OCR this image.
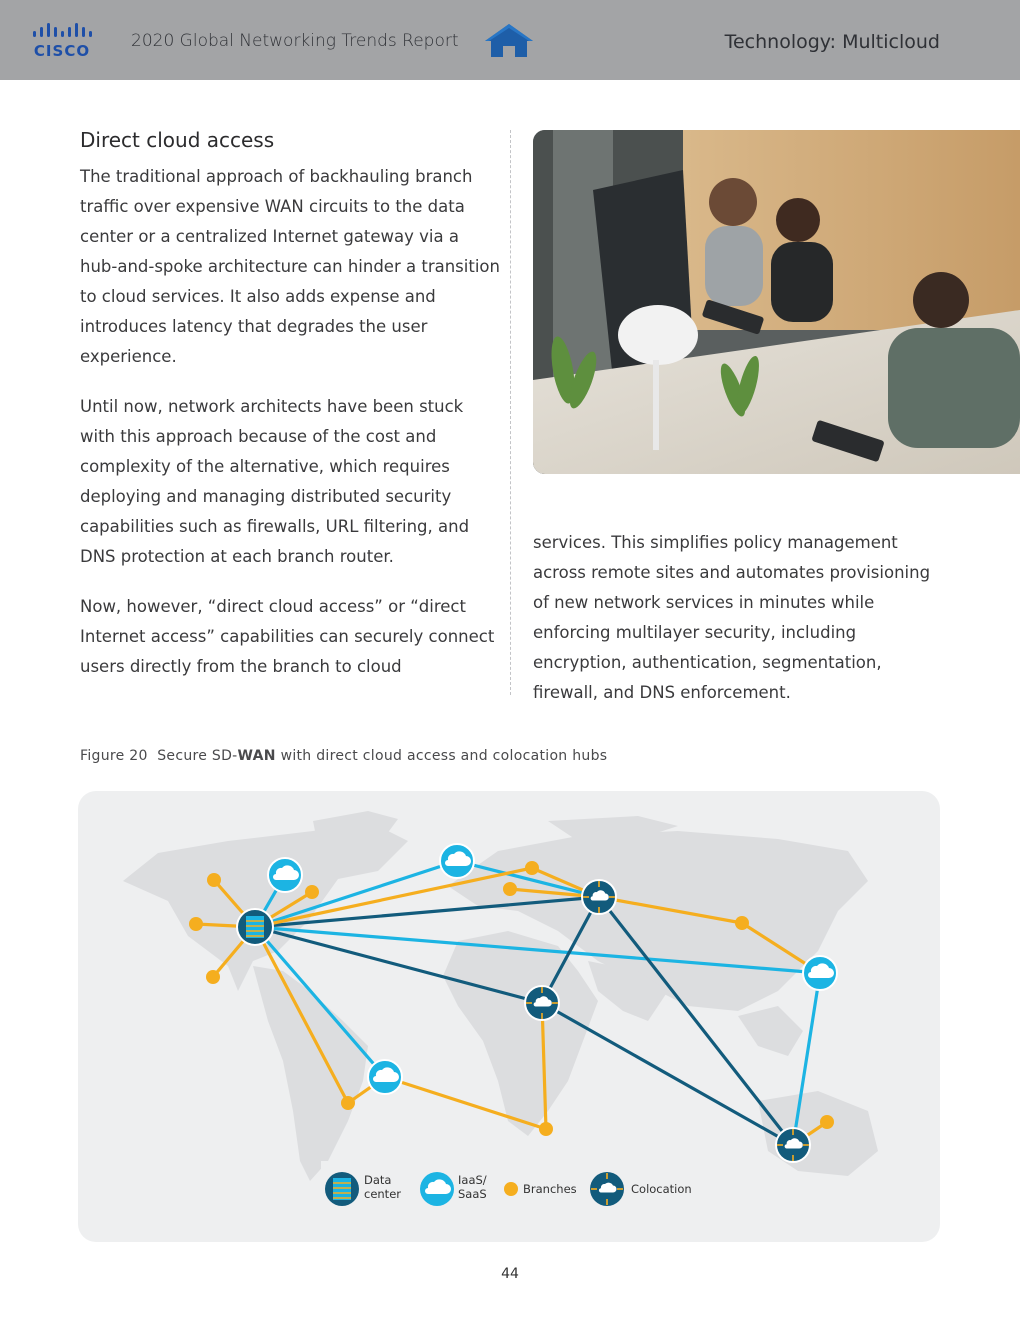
CISCO 2020 Global Networking Trends Report	Technology: Multicloud
Direct cloud access
The traditional approach of backhauling branch traffic over expensive WAN circuits to the data center or a centralized Internet gateway via a hub-and-spoke architecture can hinder a transition to cloud services. It also adds expense and introduces latency that degrades the user experience.
Until now, network architects have been stuck with this approach because of the cost and complexity of the alternative, which requires deploying and managing distributed security capabilities such as firewalls, URL filtering, and DNS protection at each branch router.
Now, however, “direct cloud access” or “direct Internet access” capabilities can securely connect users directly from the branch to cloud
services. This simplifies policy management across remote sites and automates provisioning of new network services in minutes while enforcing multilayer security, including encryption, authentication, segmentation, firewall, and DNS enforcement.
Figure 20 Secure SD-WAN with direct cloud access and colocation hubs
Data center
IaaS/ SaaS	Branches	Colocation
44
